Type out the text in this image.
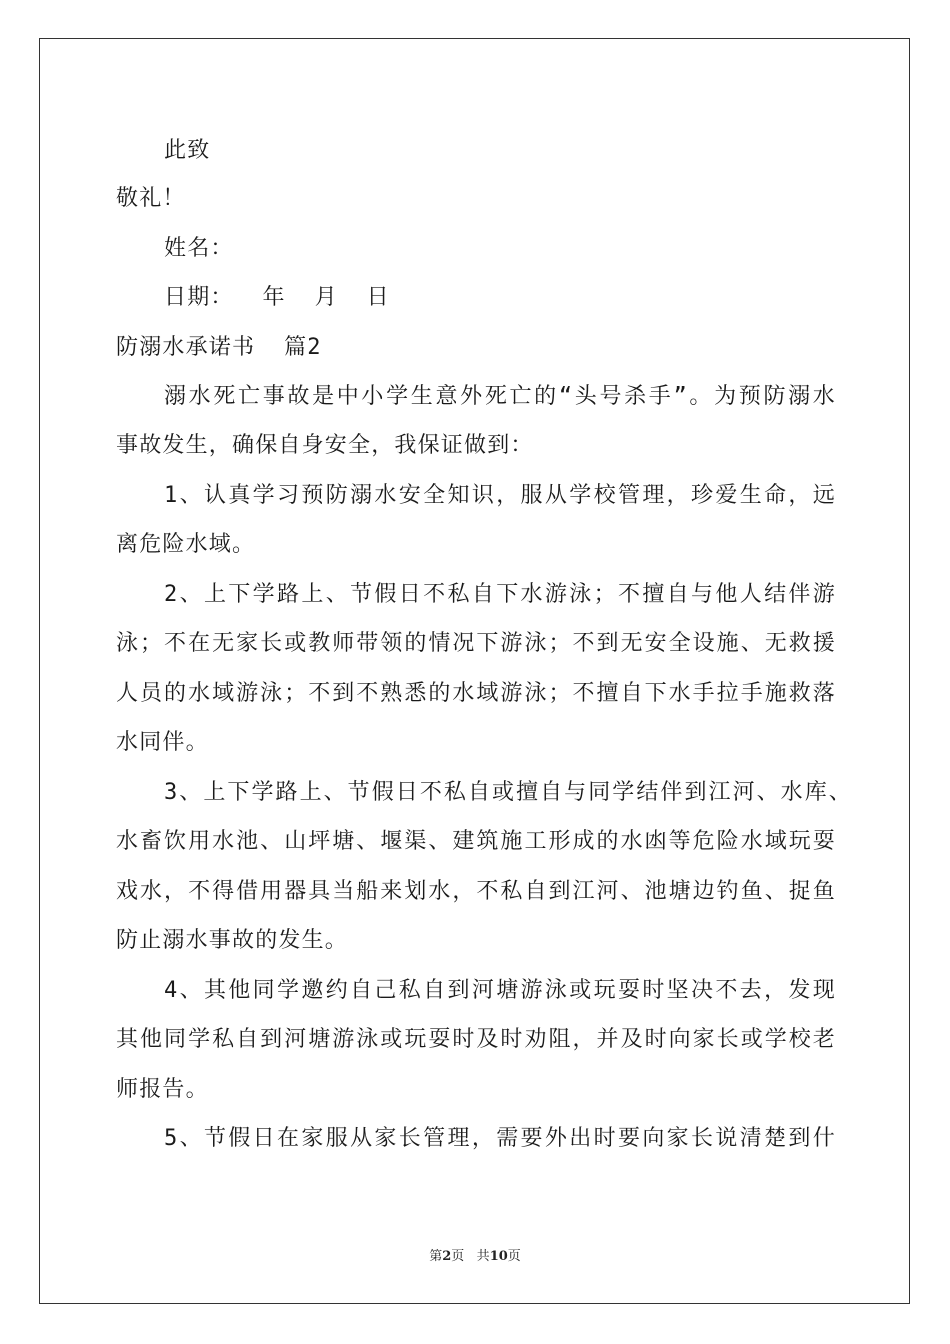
此致
敬礼！
姓名：
日期：  年  月  日
防溺水承诺书  篇2
溺水死亡事故是中小学生意外死亡的“头号杀手”。为预防溺水
事故发生，确保自身安全，我保证做到：
1、认真学习预防溺水安全知识，服从学校管理，珍爱生命，远
离危险水域。
2、上下学路上、节假日不私自下水游泳；不擅自与他人结伴游
泳；不在无家长或教师带领的情况下游泳；不到无安全设施、无救援
人员的水域游泳；不到不熟悉的水域游泳；不擅自下水手拉手施救落
水同伴。
3、上下学路上、节假日不私自或擅自与同学结伴到江河、水库、
水畜饮用水池、山坪塘、堰渠、建筑施工形成的水凼等危险水域玩耍
戏水，不得借用器具当船来划水，不私自到江河、池塘边钓鱼、捉鱼
防止溺水事故的发生。
4、其他同学邀约自己私自到河塘游泳或玩耍时坚决不去，发现
其他同学私自到河塘游泳或玩耍时及时劝阻，并及时向家长或学校老
师报告。
5、节假日在家服从家长管理，需要外出时要向家长说清楚到什
第2页 共10页
